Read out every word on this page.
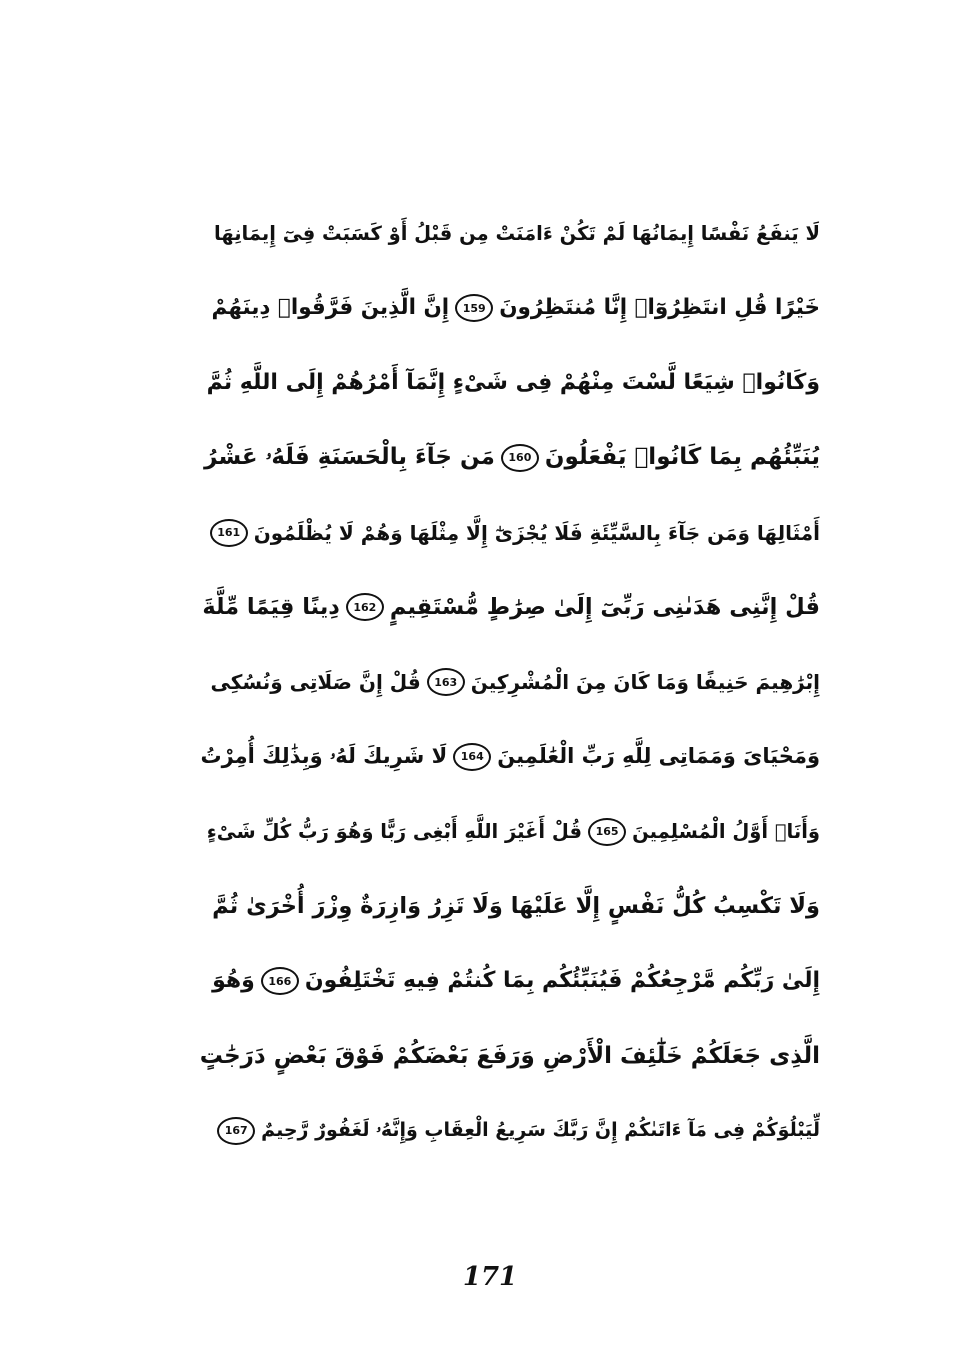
لَا يَنفَعُ نَفْسًا إِيمَانُهَا لَمْ تَكُنْ ءَامَنَتْ مِن قَبْلُ أَوْ كَسَبَتْ فِىٓ إِيمَانِهَا
خَيْرًا قُلِ انتَظِرُوٓا۟ إِنَّا مُنتَظِرُونَ
159
إِنَّ الَّذِينَ فَرَّقُوا۟ دِينَهُمْ
وَكَانُوا۟ شِيَعًا لَّسْتَ مِنْهُمْ فِى شَىْءٍ إِنَّمَآ أَمْرُهُمْ إِلَى اللَّهِ ثُمَّ
يُنَبِّئُهُم بِمَا كَانُوا۟ يَفْعَلُونَ
160
مَن جَآءَ بِالْحَسَنَةِ فَلَهُۥ عَشْرُ
أَمْثَالِهَا وَمَن جَآءَ بِالسَّيِّئَةِ فَلَا يُجْزَىٰٓ إِلَّا مِثْلَهَا وَهُمْ لَا يُظْلَمُونَ
161
قُلْ إِنَّنِى هَدَىٰنِى رَبِّىٓ إِلَىٰ صِرَٰطٍ مُّسْتَقِيمٍ
162
دِينًا قِيَمًا مِّلَّةَ
إِبْرَٰهِيمَ حَنِيفًا وَمَا كَانَ مِنَ الْمُشْرِكِينَ
163
قُلْ إِنَّ صَلَاتِى وَنُسُكِى
وَمَحْيَاىَ وَمَمَاتِى لِلَّهِ رَبِّ الْعَٰلَمِينَ
164
لَا شَرِيكَ لَهُۥ وَبِذَٰلِكَ أُمِرْتُ
وَأَنَا۠ أَوَّلُ الْمُسْلِمِينَ
165
قُلْ أَغَيْرَ اللَّهِ أَبْغِى رَبًّا وَهُوَ رَبُّ كُلِّ شَىْءٍ
وَلَا تَكْسِبُ كُلُّ نَفْسٍ إِلَّا عَلَيْهَا وَلَا تَزِرُ وَازِرَةٌ وِزْرَ أُخْرَىٰ ثُمَّ
إِلَىٰ رَبِّكُم مَّرْجِعُكُمْ فَيُنَبِّئُكُم بِمَا كُنتُمْ فِيهِ تَخْتَلِفُونَ
166
وَهُوَ
الَّذِى جَعَلَكُمْ خَلَٰٓئِفَ الْأَرْضِ وَرَفَعَ بَعْضَكُمْ فَوْقَ بَعْضٍ دَرَجَٰتٍ
لِّيَبْلُوَكُمْ فِى مَآ ءَاتَىٰكُمْ إِنَّ رَبَّكَ سَرِيعُ الْعِقَابِ وَإِنَّهُۥ لَغَفُورٌ رَّحِيمٌ
167
171
